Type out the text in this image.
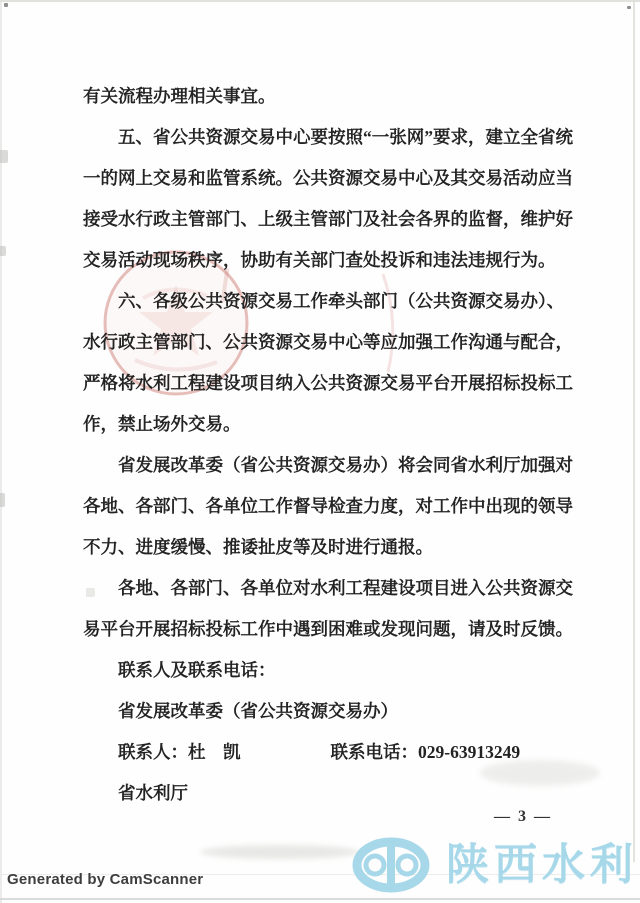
有关流程办理相关事宜。
五、省公共资源交易中心要按照“一张网”要求，建立全省统
一的网上交易和监管系统。公共资源交易中心及其交易活动应当
接受水行政主管部门、上级主管部门及社会各界的监督，维护好
交易活动现场秩序，协助有关部门查处投诉和违法违规行为。
六、各级公共资源交易工作牵头部门（公共资源交易办）、
水行政主管部门、公共资源交易中心等应加强工作沟通与配合，
严格将水利工程建设项目纳入公共资源交易平台开展招标投标工
作，禁止场外交易。
省发展改革委（省公共资源交易办）将会同省水利厅加强对
各地、各部门、各单位工作督导检查力度，对工作中出现的领导
不力、进度缓慢、推诿扯皮等及时进行通报。
各地、各部门、各单位对水利工程建设项目进入公共资源交
易平台开展招标投标工作中遇到困难或发现问题，请及时反馈。
联系人及联系电话：
省发展改革委（省公共资源交易办）
联系人：杜　凯	联系电话：029-63913249
省水利厅
— 3 —
Generated by CamScanner	陕西水利
